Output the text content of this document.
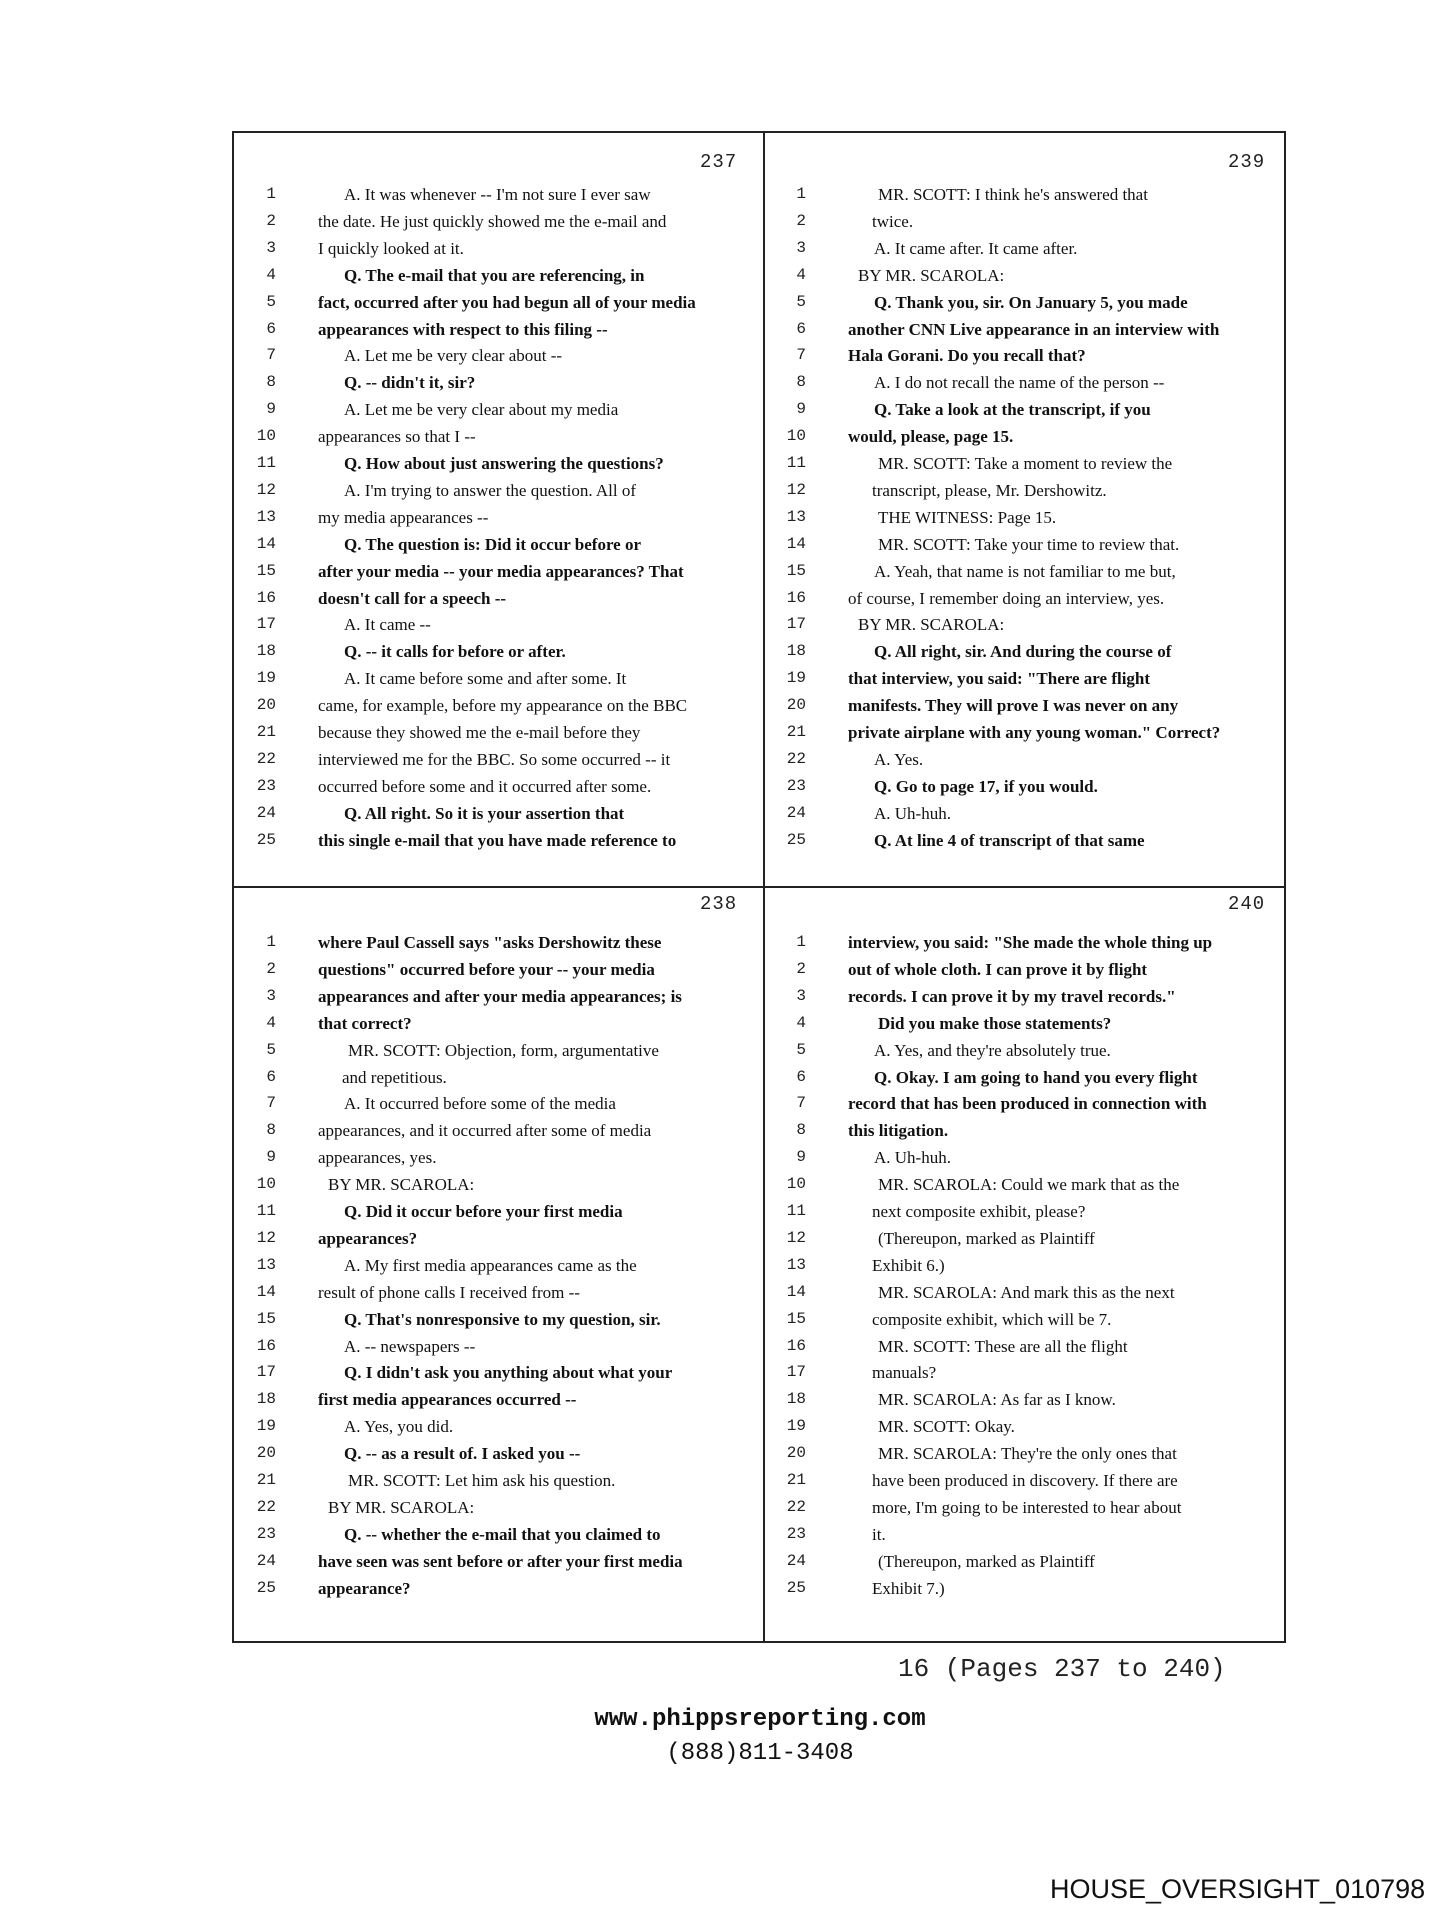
237
1	A. It was whenever -- I'm not sure I ever saw
2 the date. He just quickly showed me the e-mail and
3 I quickly looked at it.
4	Q. The e-mail that you are referencing, in
5 fact, occurred after you had begun all of your media
6 appearances with respect to this filing --
7	A. Let me be very clear about --
8	Q. -- didn't it, sir?
9	A. Let me be very clear about my media
10 appearances so that I --
11	Q. How about just answering the questions?
12	A. I'm trying to answer the question. All of
13 my media appearances --
14	Q. The question is: Did it occur before or
15 after your media -- your media appearances? That
16 doesn't call for a speech --
17	A. It came --
18	Q. -- it calls for before or after.
19	A. It came before some and after some. It
20 came, for example, before my appearance on the BBC
21 because they showed me the e-mail before they
22 interviewed me for the BBC. So some occurred -- it
23 occurred before some and it occurred after some.
24	Q. All right. So it is your assertion that
25 this single e-mail that you have made reference to
239
1	MR. SCOTT: I think he's answered that
2	twice.
3	A. It came after. It came after.
4	BY MR. SCAROLA:
5	Q. Thank you, sir. On January 5, you made
6 another CNN Live appearance in an interview with
7 Hala Gorani. Do you recall that?
8	A. I do not recall the name of the person --
9	Q. Take a look at the transcript, if you
10 would, please, page 15.
11	MR. SCOTT: Take a moment to review the
12	transcript, please, Mr. Dershowitz.
13	THE WITNESS: Page 15.
14	MR. SCOTT: Take your time to review that.
15	A. Yeah, that name is not familiar to me but,
16 of course, I remember doing an interview, yes.
17	BY MR. SCAROLA:
18	Q. All right, sir. And during the course of
19 that interview, you said: "There are flight
20 manifests. They will prove I was never on any
21 private airplane with any young woman." Correct?
22	A. Yes.
23	Q. Go to page 17, if you would.
24	A. Uh-huh.
25	Q. At line 4 of transcript of that same
238
1 where Paul Cassell says "asks Dershowitz these
2 questions" occurred before your -- your media
3 appearances and after your media appearances; is
4 that correct?
5	MR. SCOTT: Objection, form, argumentative
6	and repetitious.
7	A. It occurred before some of the media
8 appearances, and it occurred after some of media
9 appearances, yes.
10	BY MR. SCAROLA:
11	Q. Did it occur before your first media
12 appearances?
13	A. My first media appearances came as the
14 result of phone calls I received from --
15	Q. That's nonresponsive to my question, sir.
16	A. -- newspapers --
17	Q. I didn't ask you anything about what your
18 first media appearances occurred --
19	A. Yes, you did.
20	Q. -- as a result of. I asked you --
21	MR. SCOTT: Let him ask his question.
22	BY MR. SCAROLA:
23	Q. -- whether the e-mail that you claimed to
24 have seen was sent before or after your first media
25 appearance?
240
1 interview, you said: "She made the whole thing up
2 out of whole cloth. I can prove it by flight
3 records. I can prove it by my travel records."
4	Did you make those statements?
5	A. Yes, and they're absolutely true.
6	Q. Okay. I am going to hand you every flight
7 record that has been produced in connection with
8 this litigation.
9	A. Uh-huh.
10	MR. SCAROLA: Could we mark that as the
11	next composite exhibit, please?
12	(Thereupon, marked as Plaintiff
13	Exhibit 6.)
14	MR. SCAROLA: And mark this as the next
15	composite exhibit, which will be 7.
16	MR. SCOTT: These are all the flight
17	manuals?
18	MR. SCAROLA: As far as I know.
19	MR. SCOTT: Okay.
20	MR. SCAROLA: They're the only ones that
21	have been produced in discovery. If there are
22	more, I'm going to be interested to hear about
23	it.
24	(Thereupon, marked as Plaintiff
25	Exhibit 7.)
16 (Pages 237 to 240)
www.phippsreporting.com
(888)811-3408
HOUSE_OVERSIGHT_010798
